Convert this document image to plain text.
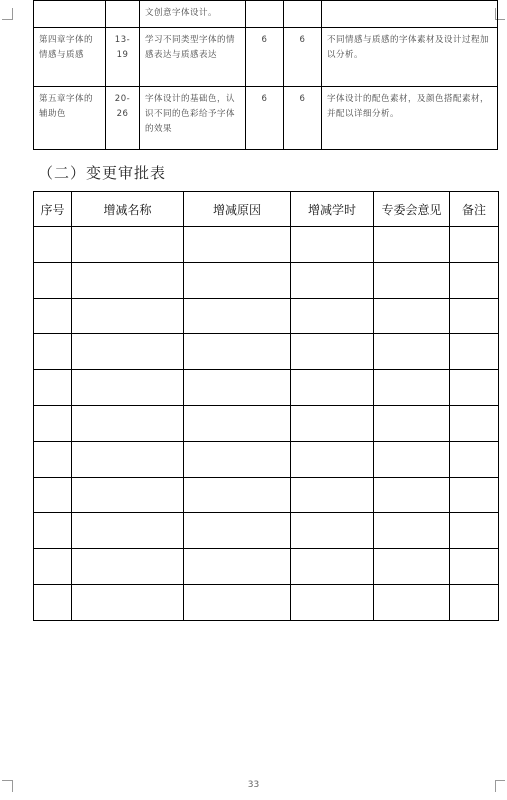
		文创意字体设计。			
第四章字体的情感与质感	13-19	学习不同类型字体的情感表达与质感表达	6	6	不同情感与质感的字体素材及设计过程加以分析。
第五章字体的辅助色	20-26	字体设计的基础色，认识不同的色彩给予字体的效果	6	6	字体设计的配色素材，及颜色搭配素材，并配以详细分析。
（二）变更审批表
序号	增减名称	增减原因	增减学时	专委会意见	备注

33
